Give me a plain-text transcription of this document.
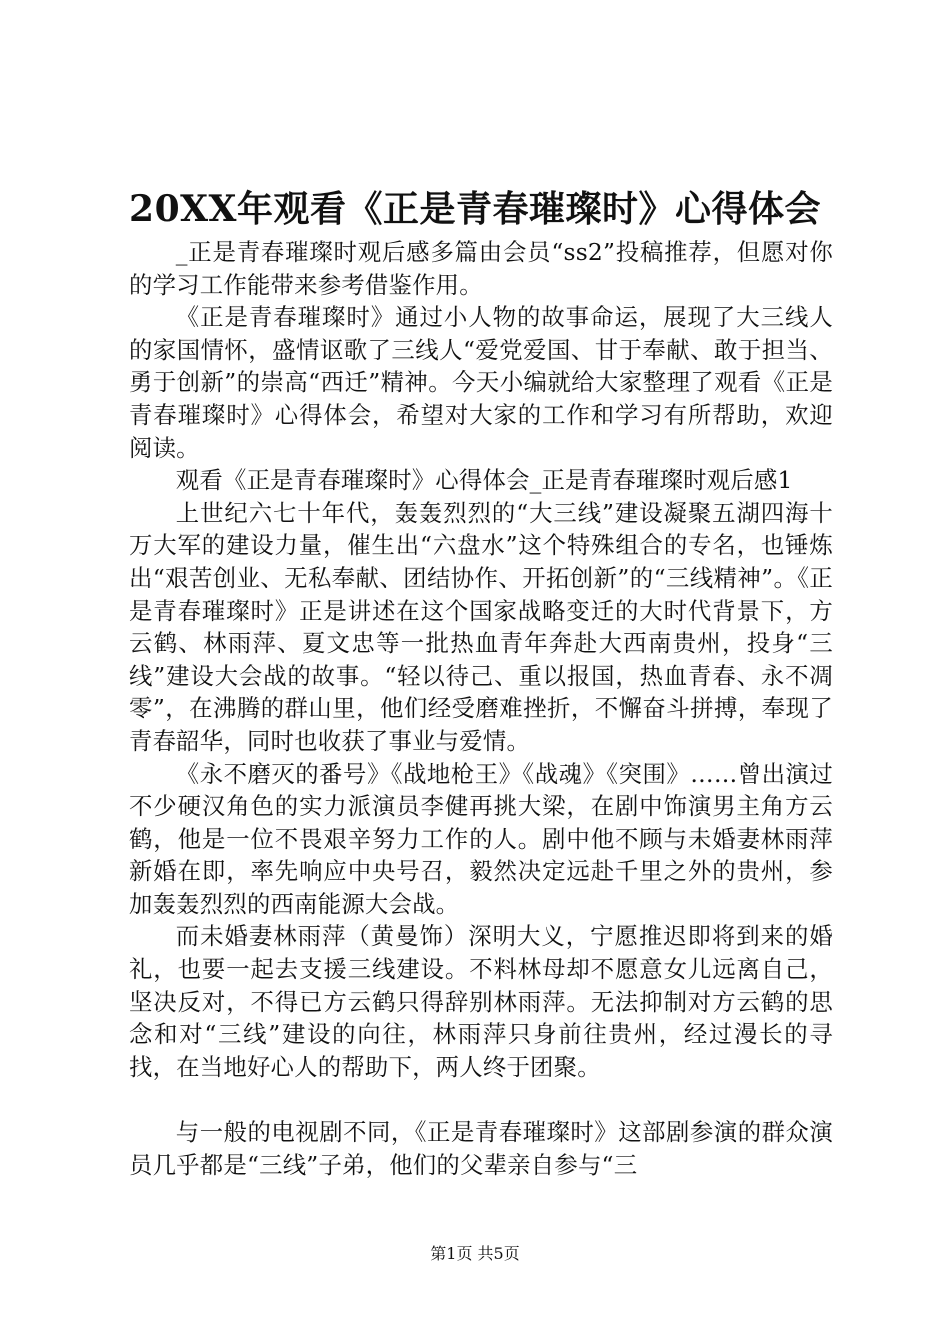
20XX年观看《正是青春璀璨时》心得体会

_正是青春璀璨时观后感多篇由会员“ss2”投稿推荐，但愿对你的学习工作能带来参考借鉴作用。

《正是青春璀璨时》通过小人物的故事命运，展现了大三线人的家国情怀，盛情讴歌了三线人“爱党爱国、甘于奉献、敢于担当、勇于创新”的崇高“西迁”精神。今天小编就给大家整理了观看《正是青春璀璨时》心得体会，希望对大家的工作和学习有所帮助，欢迎阅读。

观看《正是青春璀璨时》心得体会_正是青春璀璨时观后感1

上世纪六七十年代，轰轰烈烈的“大三线”建设凝聚五湖四海十万大军的建设力量，催生出“六盘水”这个特殊组合的专名，也锤炼出“艰苦创业、无私奉献、团结协作、开拓创新”的“三线精神”。《正是青春璀璨时》正是讲述在这个国家战略变迁的大时代背景下，方云鹤、林雨萍、夏文忠等一批热血青年奔赴大西南贵州，投身“三线”建设大会战的故事。“轻以待己、重以报国，热血青春、永不凋零”，在沸腾的群山里，他们经受磨难挫折，不懈奋斗拼搏，奉现了青春韶华，同时也收获了事业与爱情。

《永不磨灭的番号》《战地枪王》《战魂》《突围》……曾出演过不少硬汉角色的实力派演员李健再挑大梁，在剧中饰演男主角方云鹤，他是一位不畏艰辛努力工作的人。剧中他不顾与未婚妻林雨萍新婚在即，率先响应中央号召，毅然决定远赴千里之外的贵州，参加轰轰烈烈的西南能源大会战。

而未婚妻林雨萍（黄曼饰）深明大义，宁愿推迟即将到来的婚礼，也要一起去支援三线建设。不料林母却不愿意女儿远离自己，坚决反对，不得已方云鹤只得辞别林雨萍。无法抑制对方云鹤的思念和对“三线”建设的向往，林雨萍只身前往贵州，经过漫长的寻找，在当地好心人的帮助下，两人终于团聚。

与一般的电视剧不同，《正是青春璀璨时》这部剧参演的群众演员几乎都是“三线”子弟，他们的父辈亲自参与“三

第1页 共5页
